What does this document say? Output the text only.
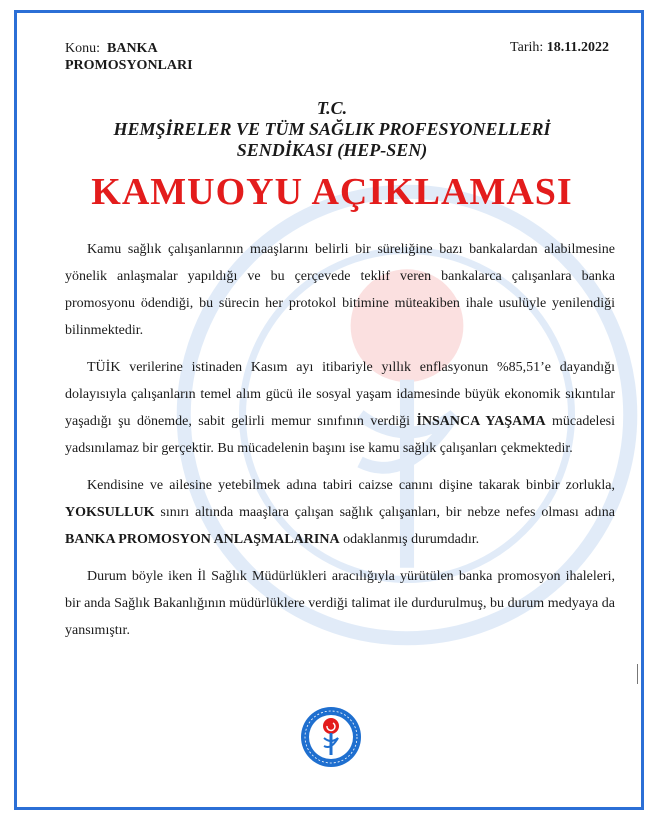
Konu: BANKA
PROMOSYONLARI
Tarih: 18.11.2022
T.C.
HEMŞİRELER VE TÜM SAĞLIK PROFESYONELLERİ
SENDİKASI (HEP-SEN)
KAMUOYU AÇIKLAMASI

Kamu sağlık çalışanlarının maaşlarını belirli bir süreliğine bazı bankalardan alabilmesine yönelik anlaşmalar yapıldığı ve bu çerçevede teklif veren bankalarca çalışanlara banka promosyonu ödendiği, bu sürecin her protokol bitimine müteakiben ihale usulüyle yenilendiği bilinmektedir.

TÜİK verilerine istinaden Kasım ayı itibariyle yıllık enflasyonun %85,51’e dayandığı dolayısıyla çalışanların temel alım gücü ile sosyal yaşam idamesinde büyük ekonomik sıkıntılar yaşadığı şu dönemde, sabit gelirli memur sınıfının verdiği İNSANCA YAŞAMA mücadelesi yadsınılamaz bir gerçektir. Bu mücadelenin başını ise kamu sağlık çalışanları çekmektedir.

Kendisine ve ailesine yetebilmek adına tabiri caizse canını dişine takarak binbir zorlukla, YOKSULLUK sınırı altında maaşlara çalışan sağlık çalışanları, bir nebze nefes olması adına BANKA PROMOSYON ANLAŞMALARINA odaklanmış durumdadır.

Durum böyle iken İl Sağlık Müdürlükleri aracılığıyla yürütülen banka promosyon ihaleleri, bir anda Sağlık Bakanlığının müdürlüklere verdiği talimat ile durdurulmuş, bu durum medyaya da yansımıştır.
